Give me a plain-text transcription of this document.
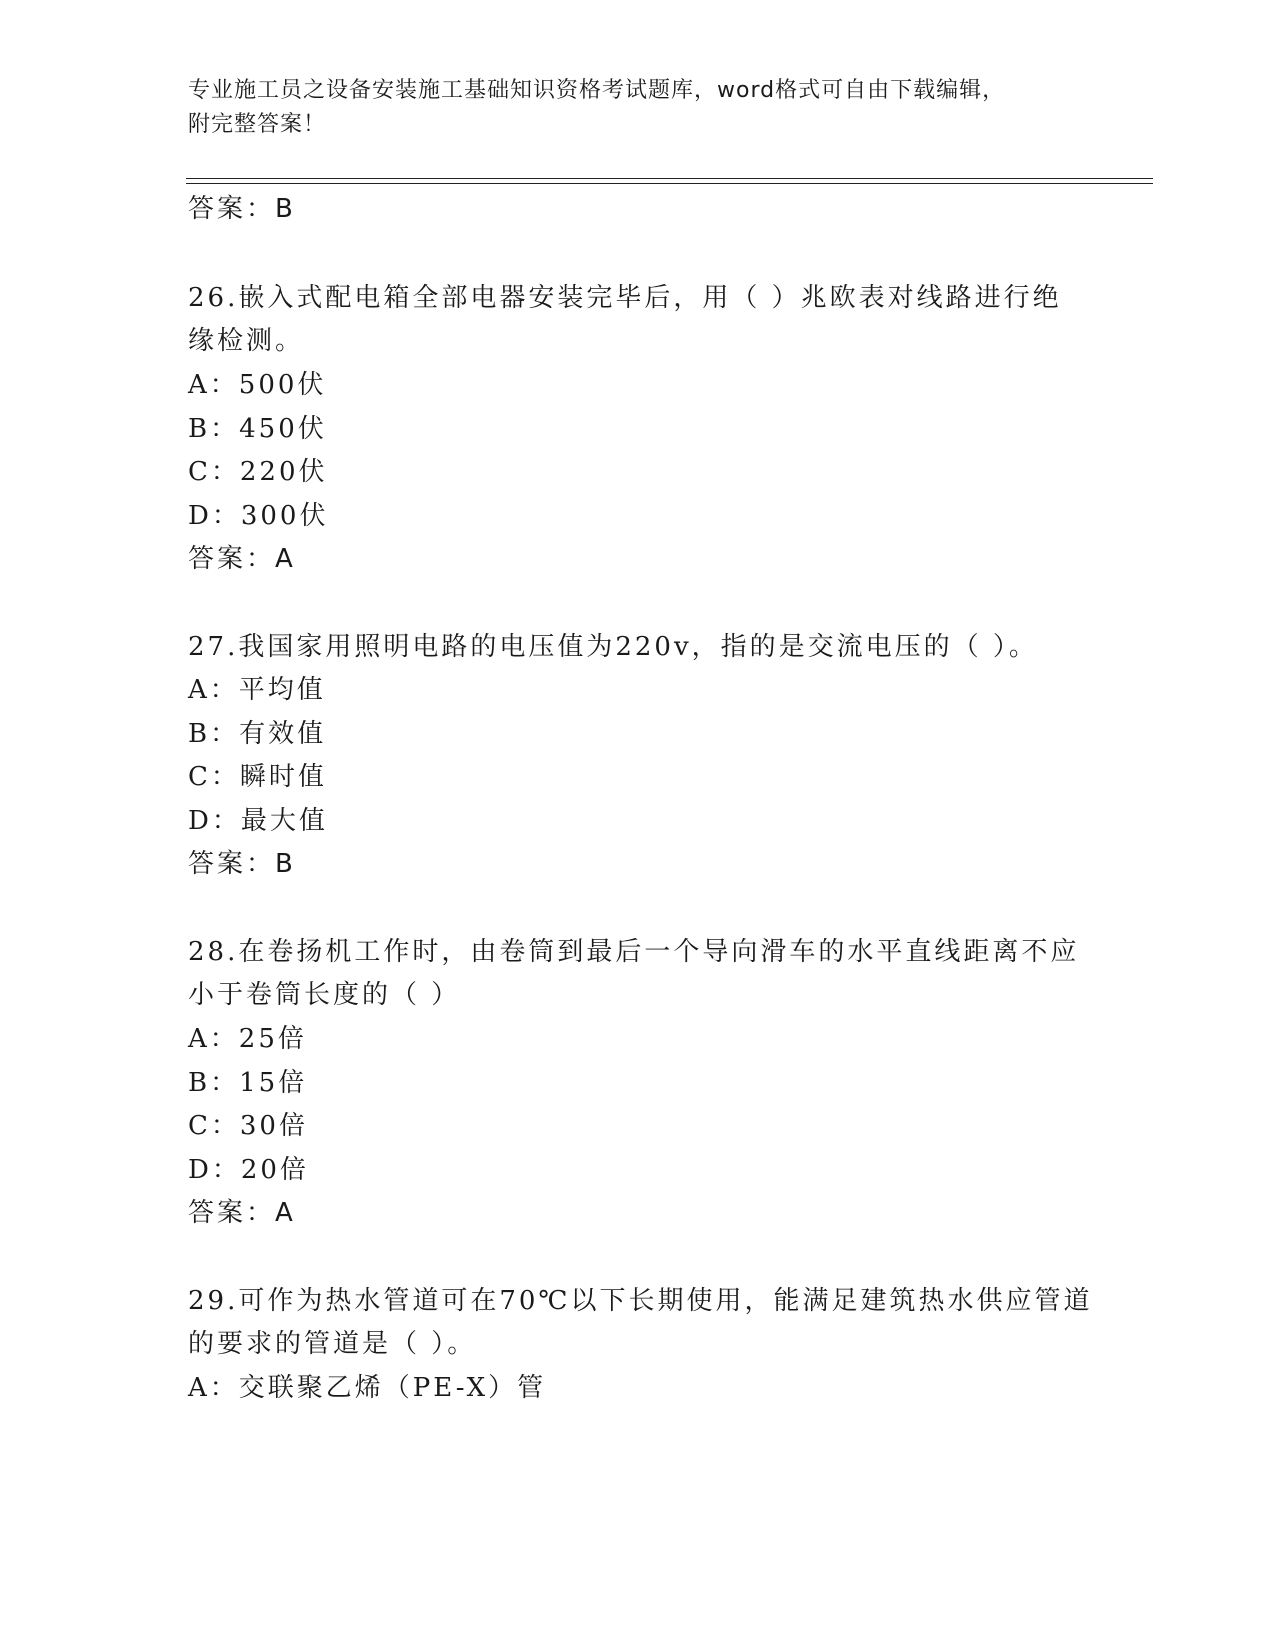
专业施工员之设备安装施工基础知识资格考试题库，word格式可自由下载编辑，
附完整答案！
答案：B
26.嵌入式配电箱全部电器安装完毕后，用（ ）兆欧表对线路进行绝
缘检测。
A：500伏
B：450伏
C：220伏
D：300伏
答案：A
27.我国家用照明电路的电压值为220v，指的是交流电压的（ ）。
A：平均值
B：有效值
C：瞬时值
D：最大值
答案：B
28.在卷扬机工作时，由卷筒到最后一个导向滑车的水平直线距离不应
小于卷筒长度的（ ）
A：25倍
B：15倍
C：30倍
D：20倍
答案：A
29.可作为热水管道可在70℃以下长期使用，能满足建筑热水供应管道
的要求的管道是（ ）。
A：交联聚乙烯（PE-X）管
